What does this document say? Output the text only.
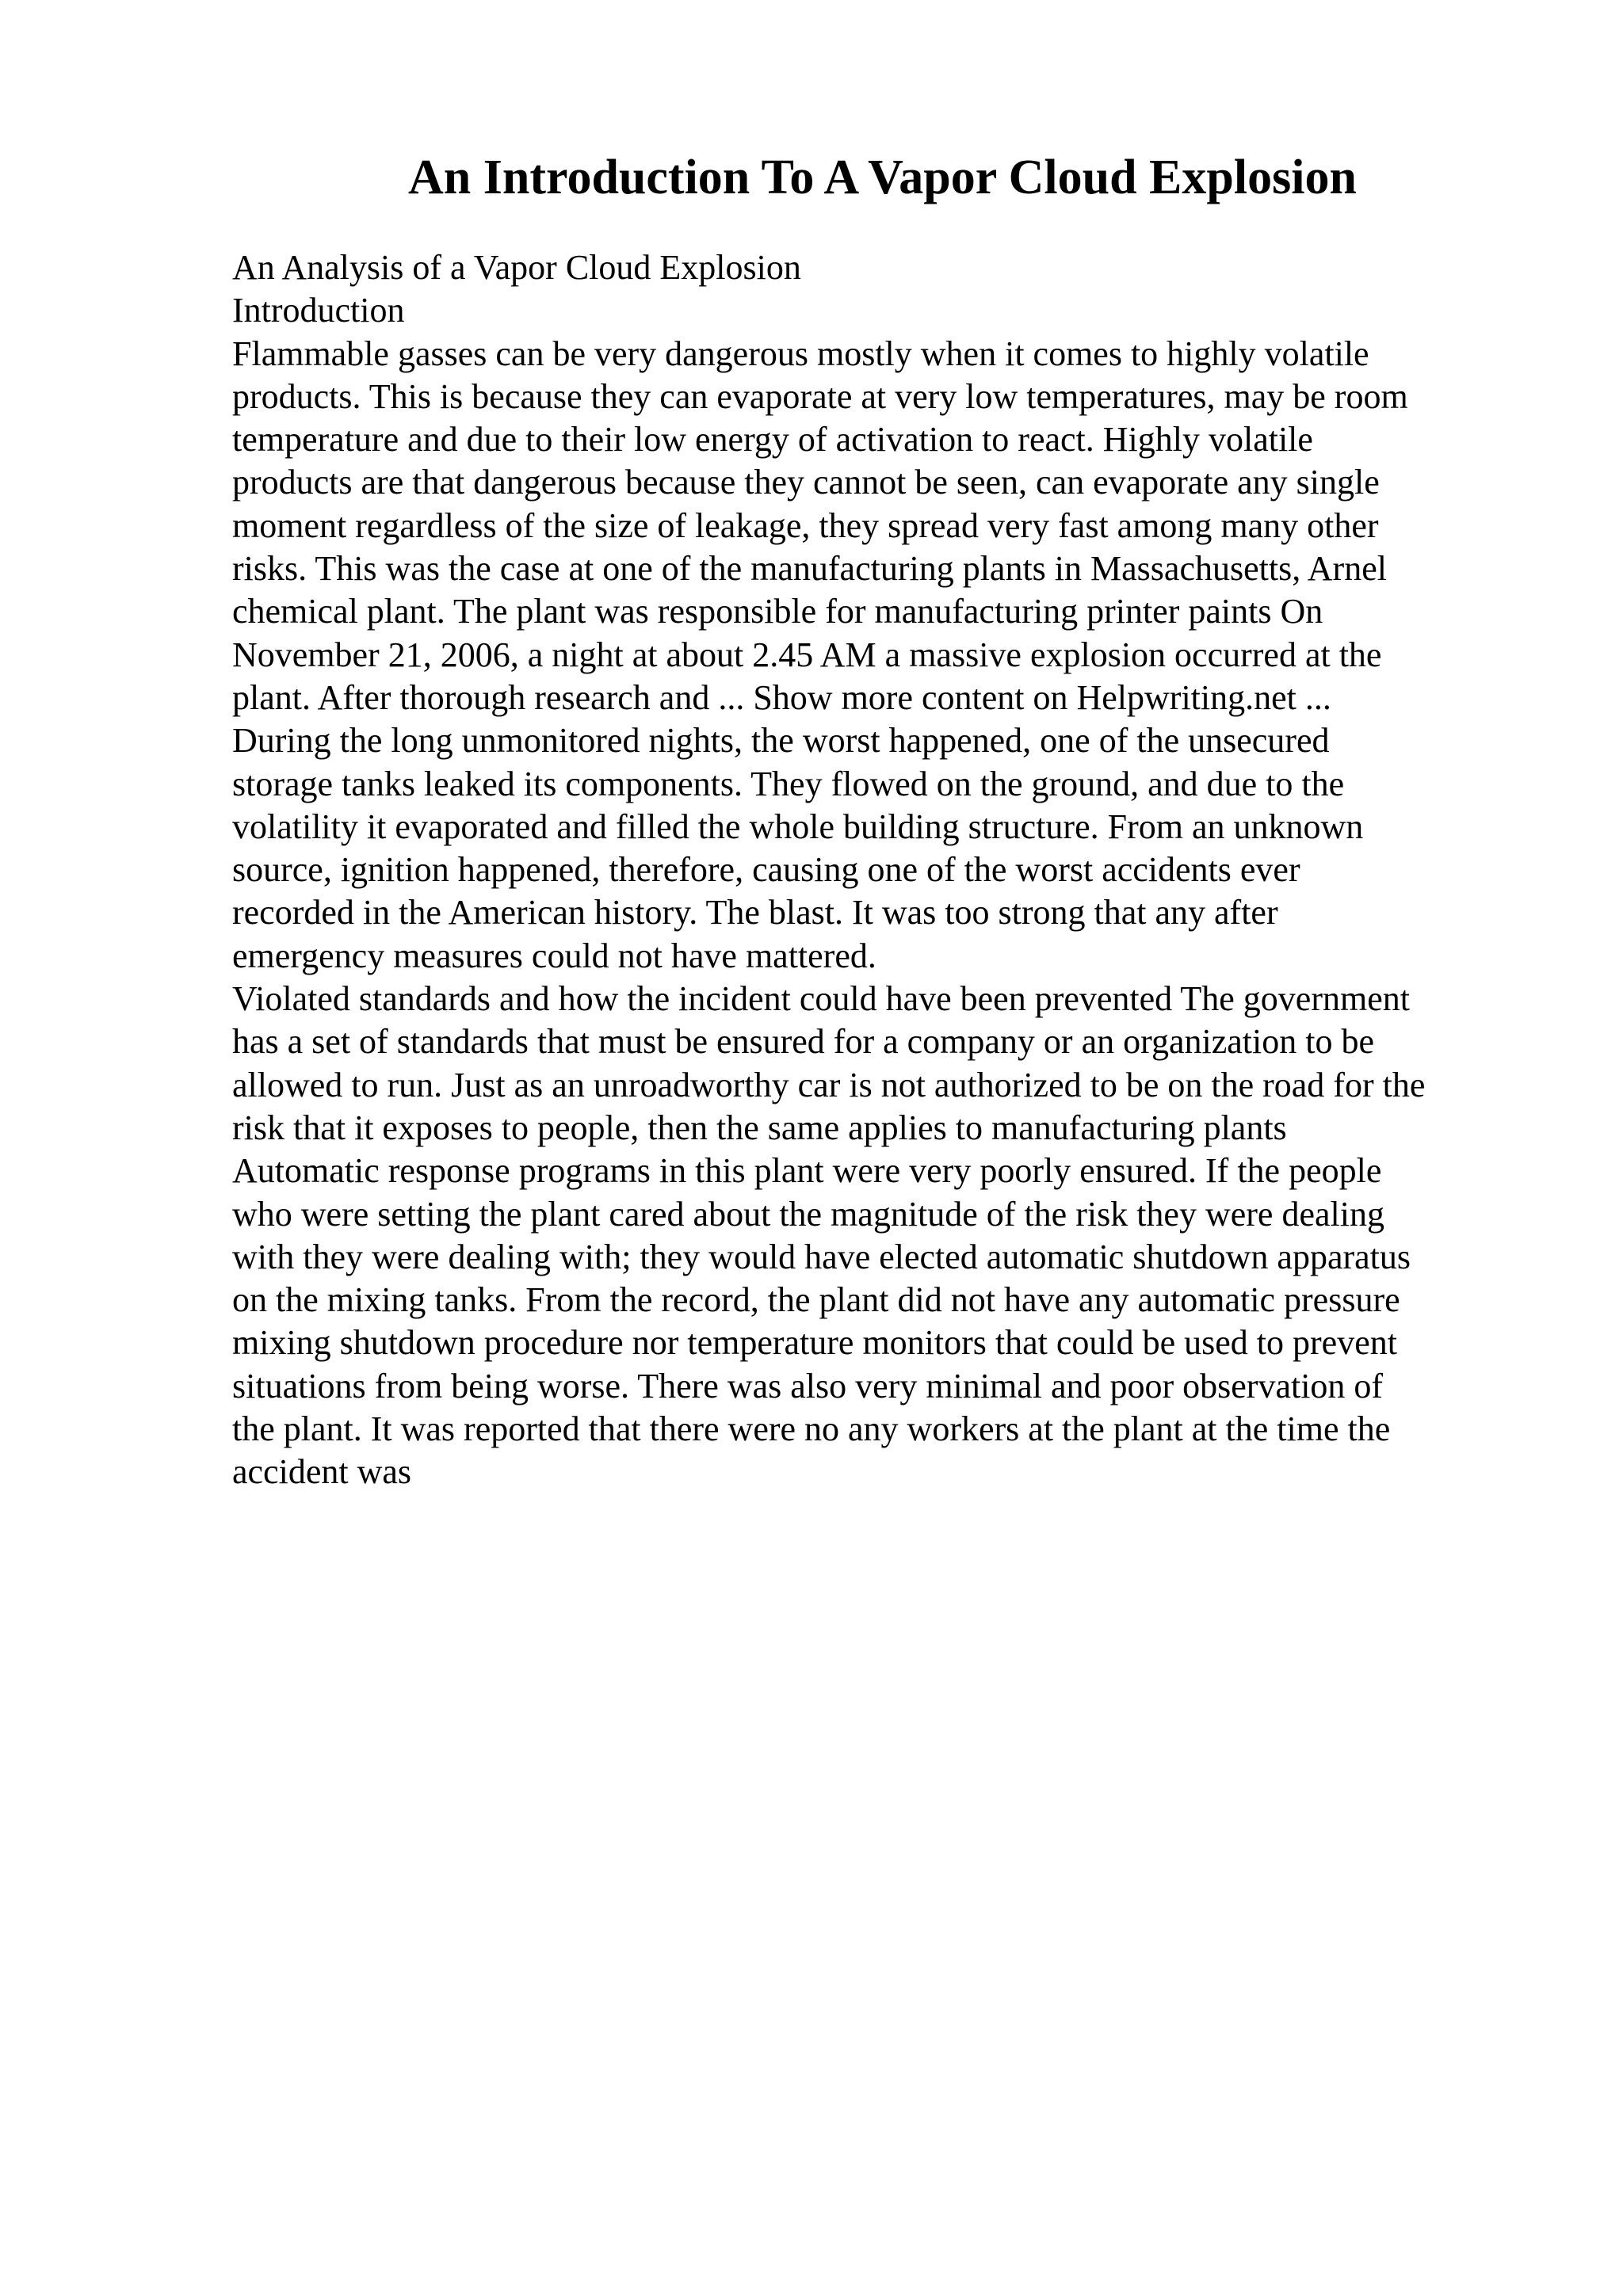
An Introduction To A Vapor Cloud Explosion
An Analysis of a Vapor Cloud Explosion
Introduction
Flammable gasses can be very dangerous mostly when it comes to highly volatile
products. This is because they can evaporate at very low temperatures, may be room
temperature and due to their low energy of activation to react. Highly volatile
products are that dangerous because they cannot be seen, can evaporate any single
moment regardless of the size of leakage, they spread very fast among many other
risks. This was the case at one of the manufacturing plants in Massachusetts, Arnel
chemical plant. The plant was responsible for manufacturing printer paints On
November 21, 2006, a night at about 2.45 AM a massive explosion occurred at the
plant. After thorough research and ... Show more content on Helpwriting.net ...
During the long unmonitored nights, the worst happened, one of the unsecured
storage tanks leaked its components. They flowed on the ground, and due to the
volatility it evaporated and filled the whole building structure. From an unknown
source, ignition happened, therefore, causing one of the worst accidents ever
recorded in the American history. The blast. It was too strong that any after
emergency measures could not have mattered.
Violated standards and how the incident could have been prevented The government
has a set of standards that must be ensured for a company or an organization to be
allowed to run. Just as an unroadworthy car is not authorized to be on the road for the
risk that it exposes to people, then the same applies to manufacturing plants
Automatic response programs in this plant were very poorly ensured. If the people
who were setting the plant cared about the magnitude of the risk they were dealing
with they were dealing with; they would have elected automatic shutdown apparatus
on the mixing tanks. From the record, the plant did not have any automatic pressure
mixing shutdown procedure nor temperature monitors that could be used to prevent
situations from being worse. There was also very minimal and poor observation of
the plant. It was reported that there were no any workers at the plant at the time the
accident was
